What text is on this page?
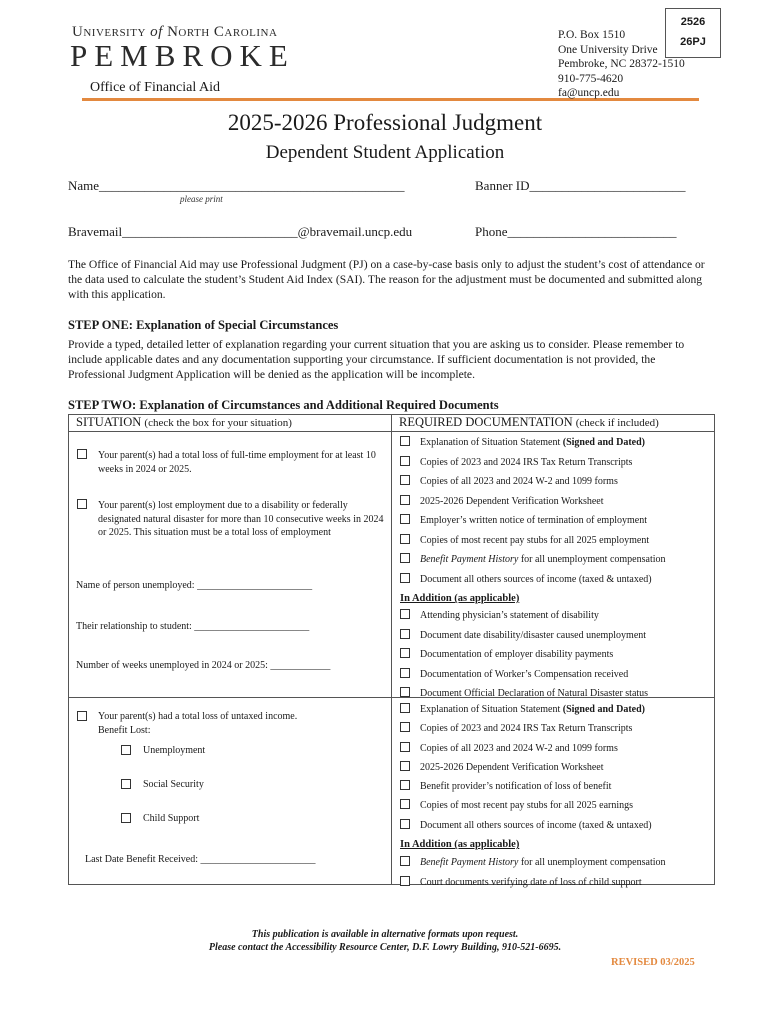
University of North Carolina
PEMBROKE
Office of Financial Aid
P.O. Box 1510
One University Drive
Pembroke, NC 28372-1510
910-775-4620
fa@uncp.edu
2526
26PJ
2025-2026 Professional Judgment
Dependent Student Application
Name_______________________________________________
please print
Banner ID________________________
Bravemail___________________________@bravemail.uncp.edu	Phone__________________________
The Office of Financial Aid may use Professional Judgment (PJ) on a case-by-case basis only to adjust the student’s cost of attendance or the data used to calculate the student’s Student Aid Index (SAI). The reason for the adjustment must be documented and submitted along with this application.
STEP ONE: Explanation of Special Circumstances
Provide a typed, detailed letter of explanation regarding your current situation that you are asking us to consider. Please remember to include applicable dates and any documentation supporting your circumstance. If sufficient documentation is not provided, the Professional Judgment Application will be denied as the application will be incomplete.
STEP TWO: Explanation of Circumstances and Additional Required Documents
SITUATION (check the box for your situation)	REQUIRED DOCUMENTATION (check if included)
Your parent(s) had a total loss of full-time employment for at least 10 weeks in 2024 or 2025.
Your parent(s) lost employment due to a disability or federally designated natural disaster for more than 10 consecutive weeks in 2024 or 2025. This situation must be a total loss of employment
Name of person unemployed: _______________________
Their relationship to student: _______________________
Number of weeks unemployed in 2024 or 2025: ____________
Explanation of Situation Statement (Signed and Dated)
Copies of 2023 and 2024 IRS Tax Return Transcripts
Copies of all 2023 and 2024 W-2 and 1099 forms
2025-2026 Dependent Verification Worksheet
Employer’s written notice of termination of employment
Copies of most recent pay stubs for all 2025 employment
Benefit Payment History for all unemployment compensation
Document all others sources of income (taxed & untaxed)
In Addition (as applicable)
Attending physician’s statement of disability
Document date disability/disaster caused unemployment
Documentation of employer disability payments
Documentation of Worker’s Compensation received
Document Official Declaration of Natural Disaster status
Your parent(s) had a total loss of untaxed income.
Benefit Lost:
Unemployment
Social Security
Child Support
Last Date Benefit Received: _______________________
Explanation of Situation Statement (Signed and Dated)
Copies of 2023 and 2024 IRS Tax Return Transcripts
Copies of all 2023 and 2024 W-2 and 1099 forms
2025-2026 Dependent Verification Worksheet
Benefit provider’s notification of loss of benefit
Copies of most recent pay stubs for all 2025 earnings
Document all others sources of income (taxed & untaxed)
In Addition (as applicable)
Benefit Payment History for all unemployment compensation
Court documents verifying date of loss of child support
This publication is available in alternative formats upon request.
Please contact the Accessibility Resource Center, D.F. Lowry Building, 910-521-6695.
REVISED 03/2025
